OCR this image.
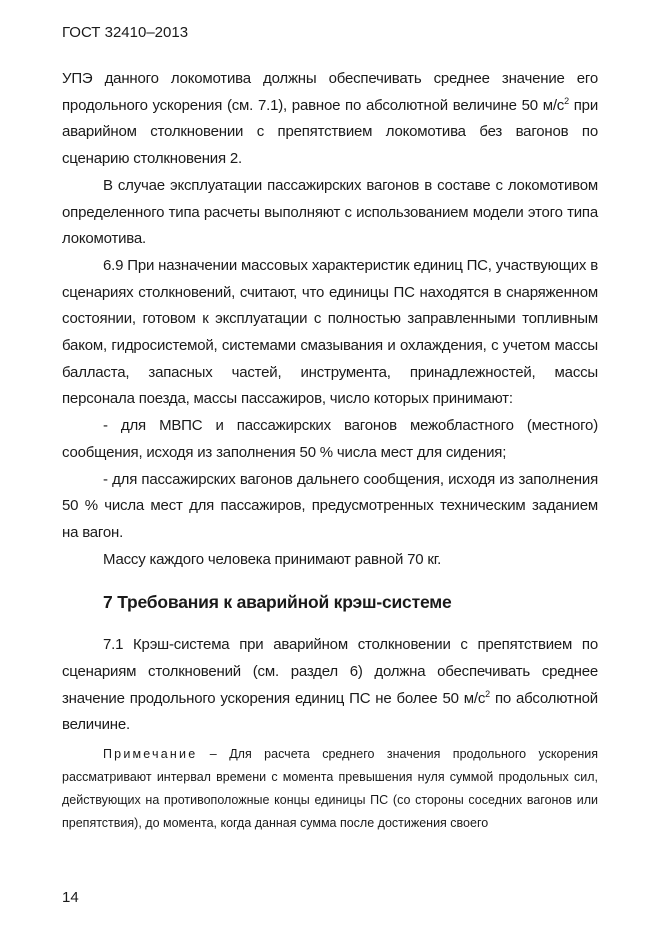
ГОСТ 32410–2013

УПЭ данного локомотива должны обеспечивать среднее значение его продольного ускорения (см. 7.1), равное по абсолютной величине 50 $м/с^2$ при аварийном столкновении с препятствием локомотива без вагонов по сценарию столкновения 2.

В случае эксплуатации пассажирских вагонов в составе с локомотивом определенного типа расчеты выполняют с использованием модели этого типа локомотива.

6.9 При назначении массовых характеристик единиц ПС, участвующих в сценариях столкновений, считают, что единицы ПС находятся в снаряженном состоянии, готовом к эксплуатации с полностью заправленными топливным баком, гидросистемой, системами смазывания и охлаждения, с учетом массы балласта, запасных частей, инструмента, принадлежностей, массы персонала поезда, массы пассажиров, число которых принимают:

- для МВПС и пассажирских вагонов межобластного (местного) сообщения, исходя из заполнения 50 % числа мест для сидения;

- для пассажирских вагонов дальнего сообщения, исходя из заполнения 50 % числа мест для пассажиров, предусмотренных техническим заданием на вагон.

Массу каждого человека принимают равной 70 кг.

7 Требования к аварийной крэш-системе

7.1 Крэш-система при аварийном столкновении с препятствием по сценариям столкновений (см. раздел 6) должна обеспечивать среднее значение продольного ускорения единиц ПС не более 50 $м/с^2$ по абсолютной величине.

Примечание – Для расчета среднего значения продольного ускорения рассматривают интервал времени с момента превышения нуля суммой продольных сил, действующих на противоположные концы единицы ПС (со стороны соседних вагонов или препятствия), до момента, когда данная сумма после достижения своего

14
